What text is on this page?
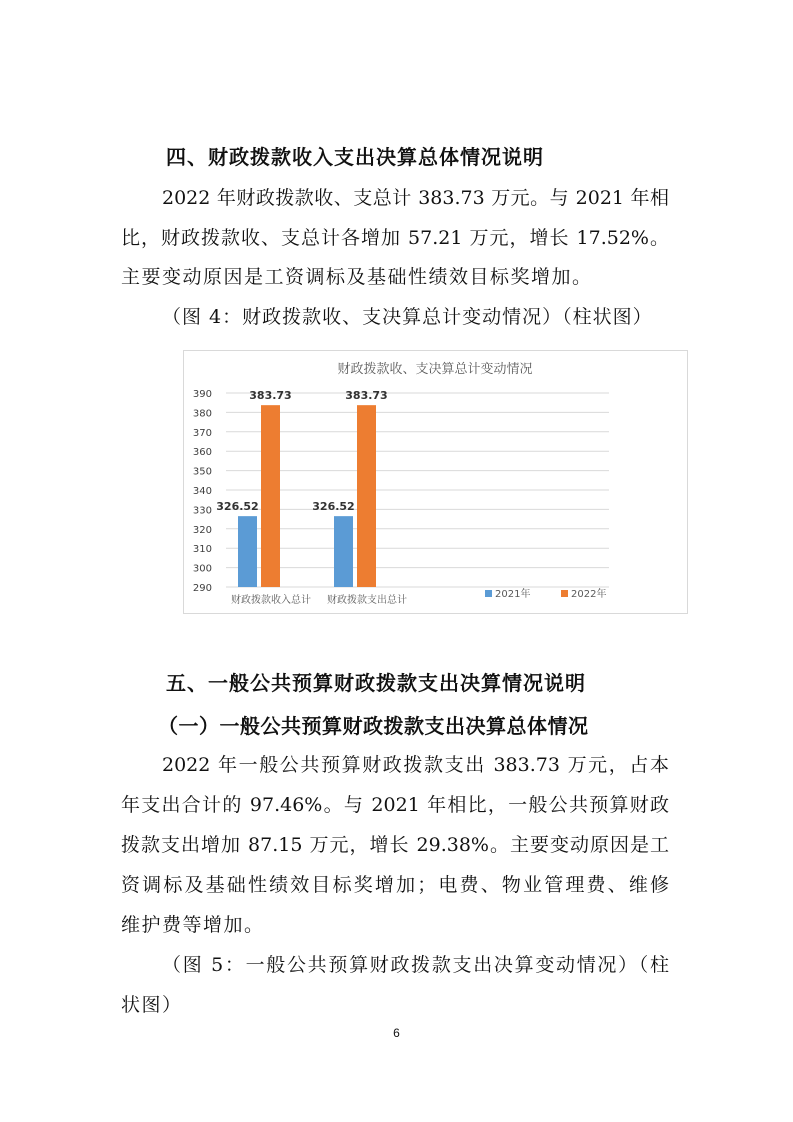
四、财政拨款收入支出决算总体情况说明
2022 年财政拨款收、支总计 383.73 万元。与 2021 年相
比，财政拨款收、支总计各增加 57.21 万元，增长 17.52%。
主要变动原因是工资调标及基础性绩效目标奖增加。
（图 4：财政拨款收、支决算总计变动情况）（柱状图）
财政拨款收、支决算总计变动情况
290
300
310
320
330
340
350
360
370
380
390
财政拨款收入总计 财政拨款支出总计
326.52
383.73
326.52
383.73
2021年	2022年
五、一般公共预算财政拨款支出决算情况说明
（一）一般公共预算财政拨款支出决算总体情况
2022 年一般公共预算财政拨款支出 383.73 万元，占本
年支出合计的 97.46%。与 2021 年相比，一般公共预算财政
拨款支出增加 87.15 万元，增长 29.38%。主要变动原因是工
资调标及基础性绩效目标奖增加；电费、物业管理费、维修
维护费等增加。
（图 5：一般公共预算财政拨款支出决算变动情况）（柱
状图）
6
